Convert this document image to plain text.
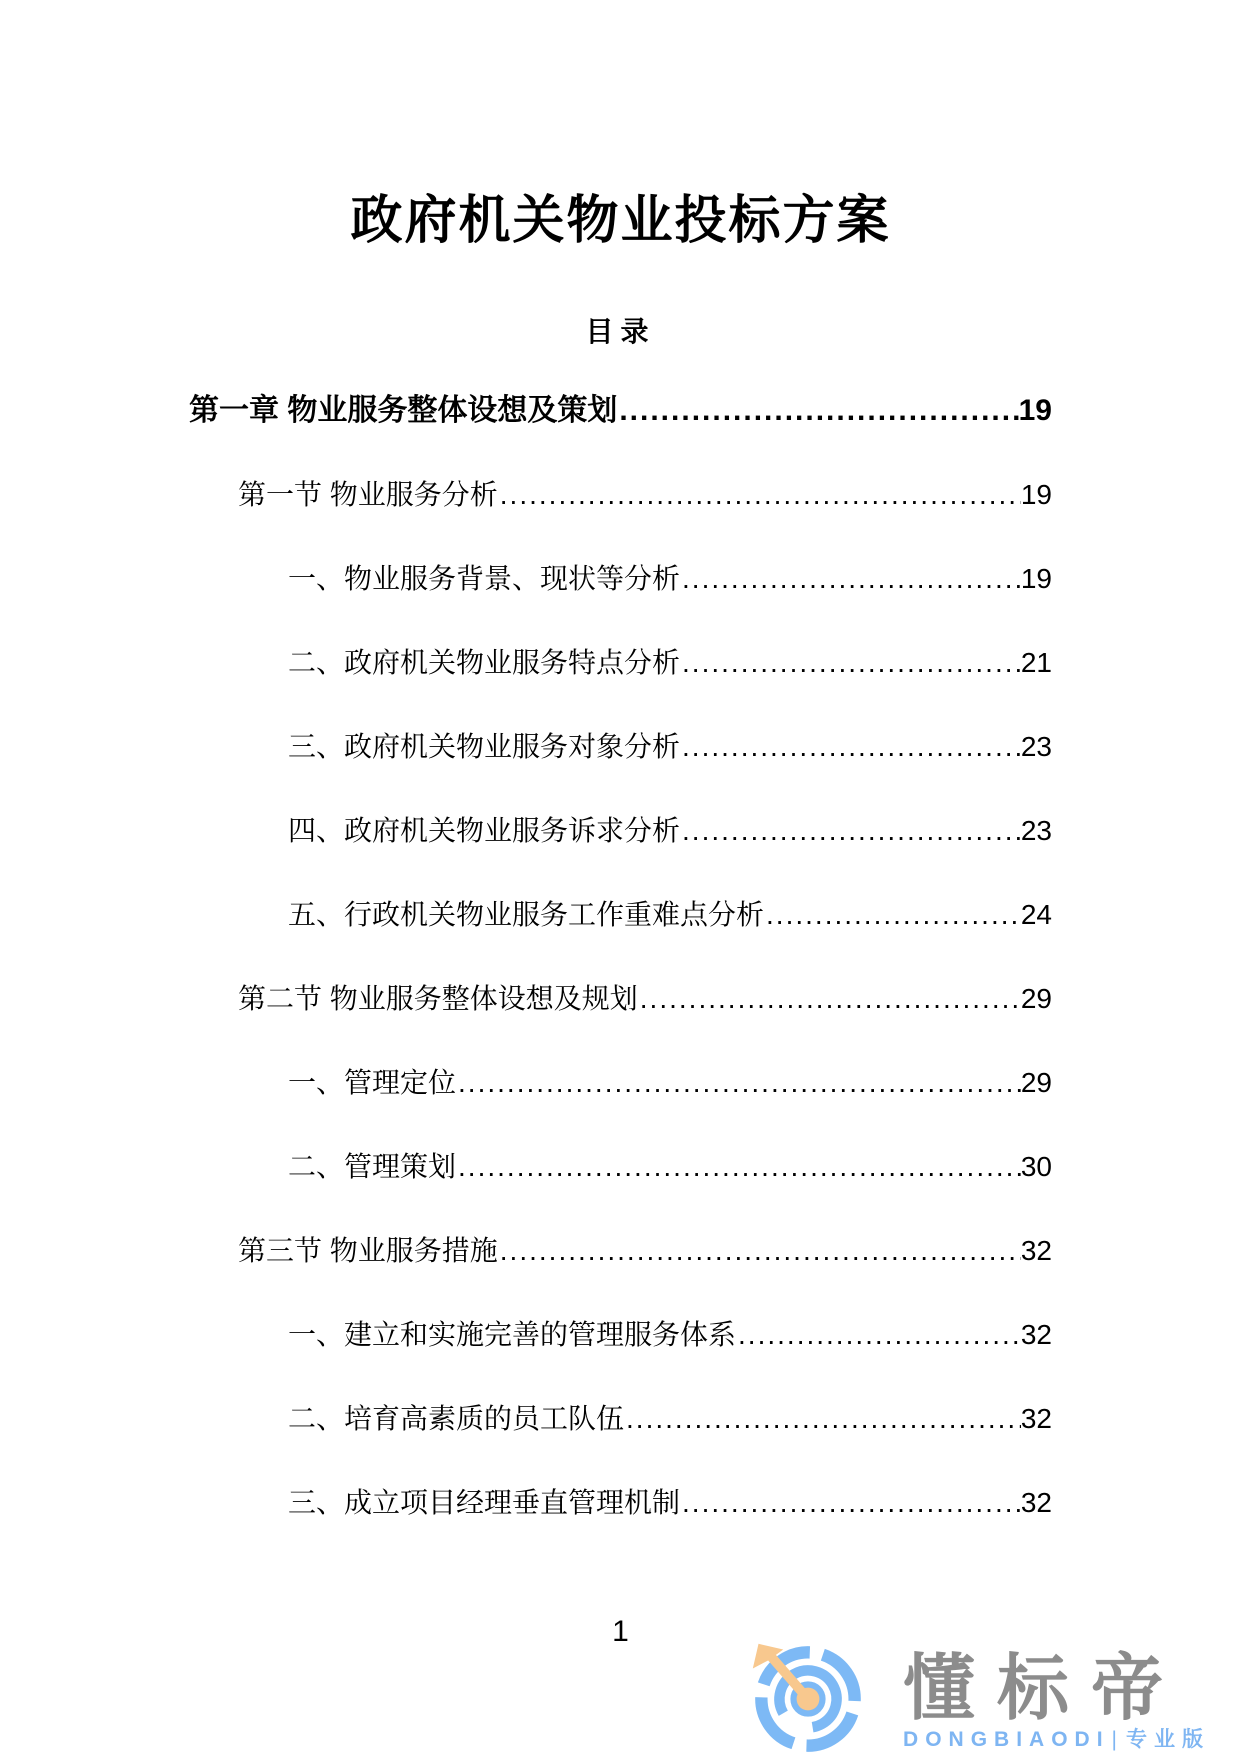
政府机关物业投标方案
目录
第一章 物业服务整体设想及策划 .....	19
第一节 物业服务分析 .....	19
一、物业服务背景、现状等分析 .....	19
二、政府机关物业服务特点分析 .....	21
三、政府机关物业服务对象分析 .....	23
四、政府机关物业服务诉求分析 .....	23
五、行政机关物业服务工作重难点分析 .....	24
第二节 物业服务整体设想及规划 .....	29
一、管理定位 .....	29
二、管理策划 .....	30
第三节 物业服务措施 .....	32
一、建立和实施完善的管理服务体系 .....	32
二、培育高素质的员工队伍 .....	32
三、成立项目经理垂直管理机制 .....	32
1
懂标帝
DONGBIAODI | 专业版
